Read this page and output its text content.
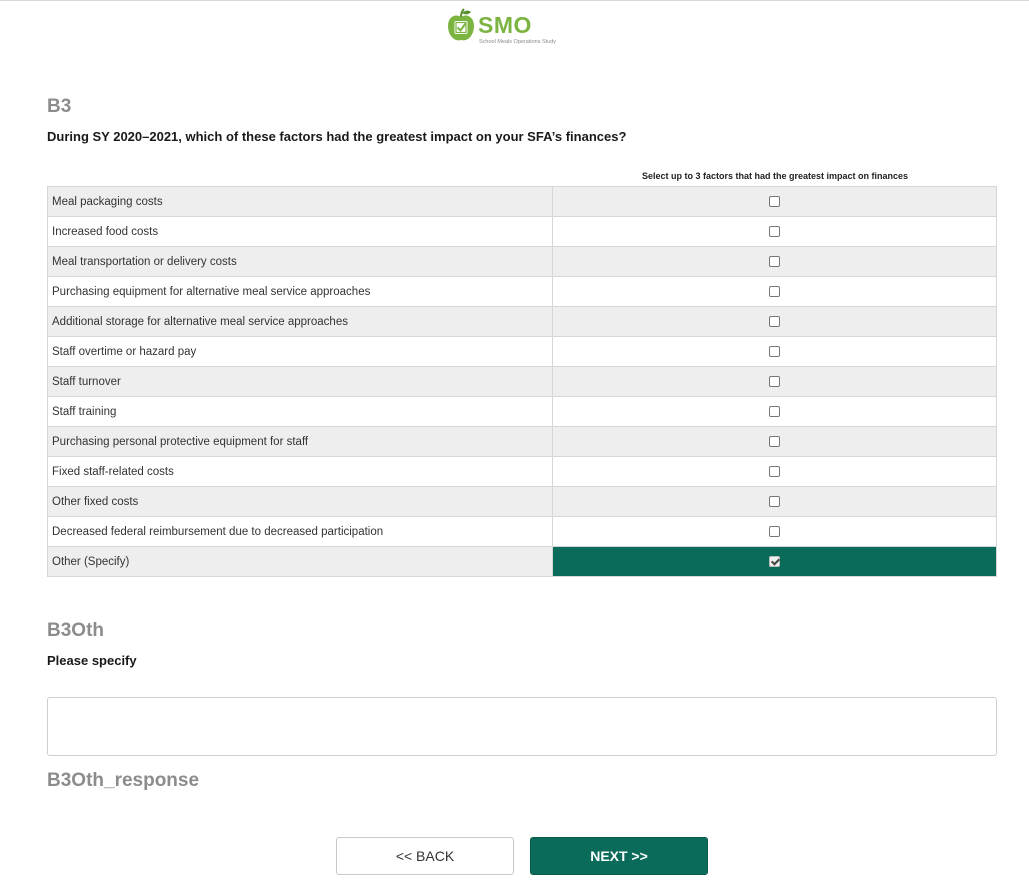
SMO
School Meals Operations Study
B3
During SY 2020–2021, which of these factors had the greatest impact on your SFA’s finances?
Select up to 3 factors that had the greatest impact on finances
Meal packaging costs	
Increased food costs	
Meal transportation or delivery costs	
Purchasing equipment for alternative meal service approaches	
Additional storage for alternative meal service approaches	
Staff overtime or hazard pay	
Staff turnover	
Staff training	
Purchasing personal protective equipment for staff	
Fixed staff-related costs	
Other fixed costs	
Decreased federal reimbursement due to decreased participation	
Other (Specify)	
B3Oth
Please specify
B3Oth_response
<< BACK	NEXT >>
